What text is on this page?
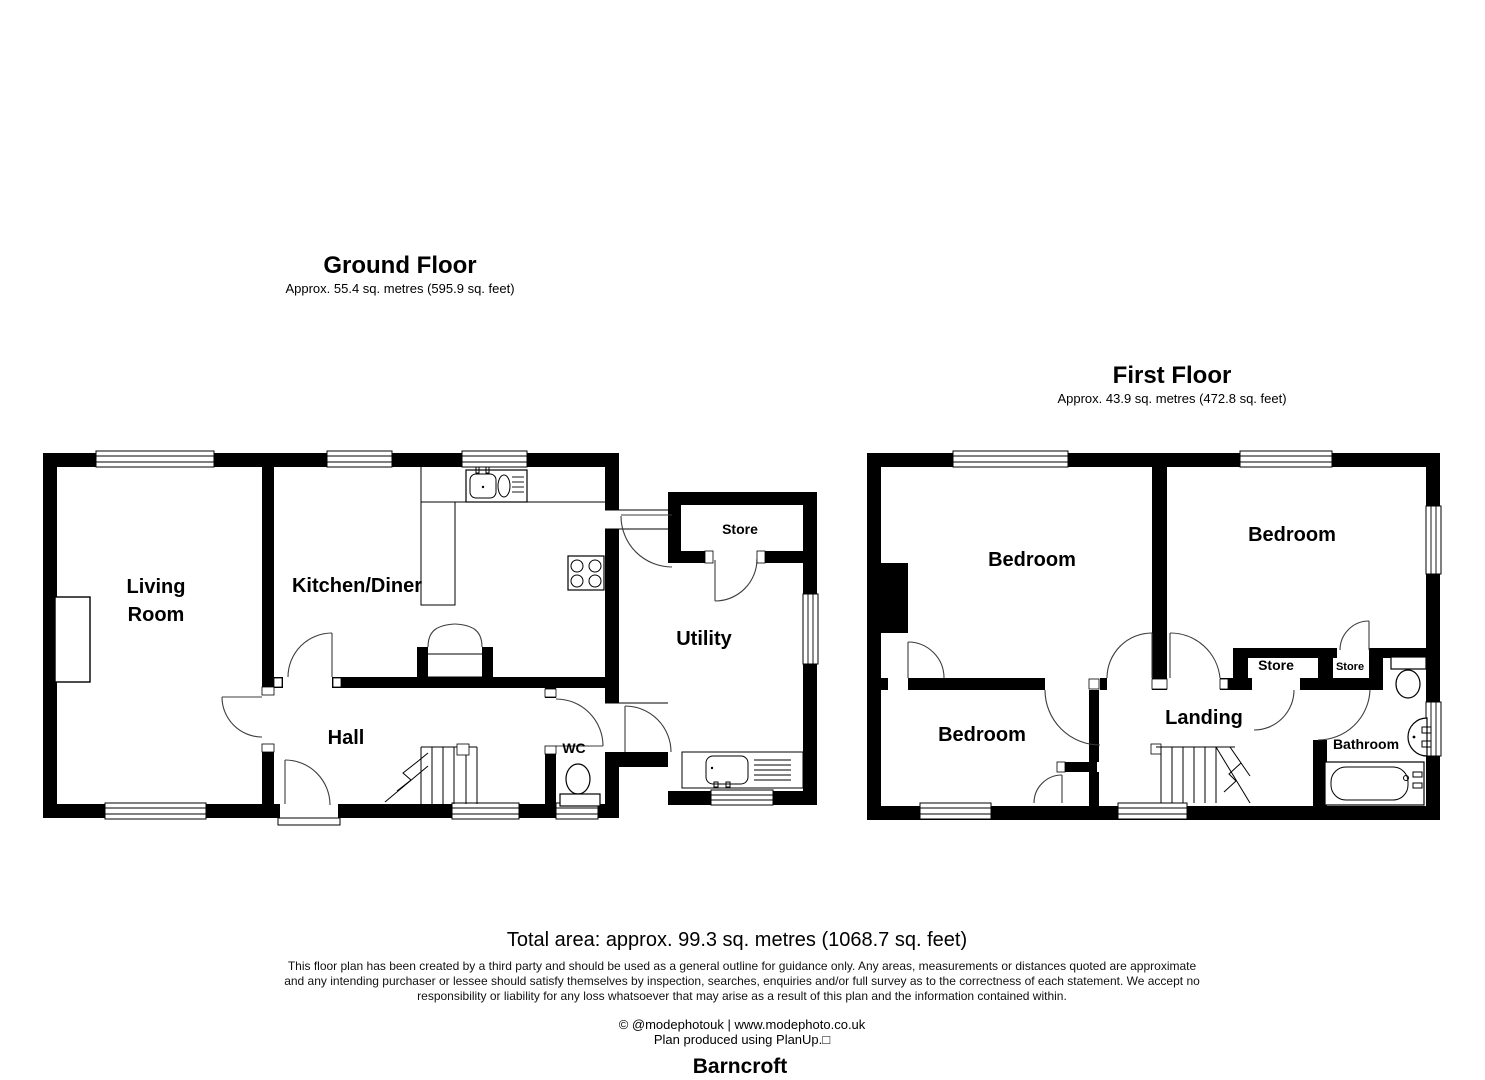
Ground Floor
Approx. 55.4 sq. metres (595.9 sq. feet)
First Floor
Approx. 43.9 sq. metres (472.8 sq. feet)
Living
Room
Kitchen/Diner
Hall	WC
Utility
Store
Bedroom
Bedroom
Bedroom
Landing
Store	Store
Bathroom
Total area: approx. 99.3 sq. metres (1068.7 sq. feet)
This floor plan has been created by a third party and should be used as a general outline for guidance only. Any areas, measurements or distances quoted are approximate
and any intending purchaser or lessee should satisfy themselves by inspection, searches, enquiries and/or full survey as to the correctness of each statement. We accept no
responsibility or liability for any loss whatsoever that may arise as a result of this plan and the information contained within.
© @modephotouk | www.modephoto.co.uk
Plan produced using PlanUp.□
Barncroft
